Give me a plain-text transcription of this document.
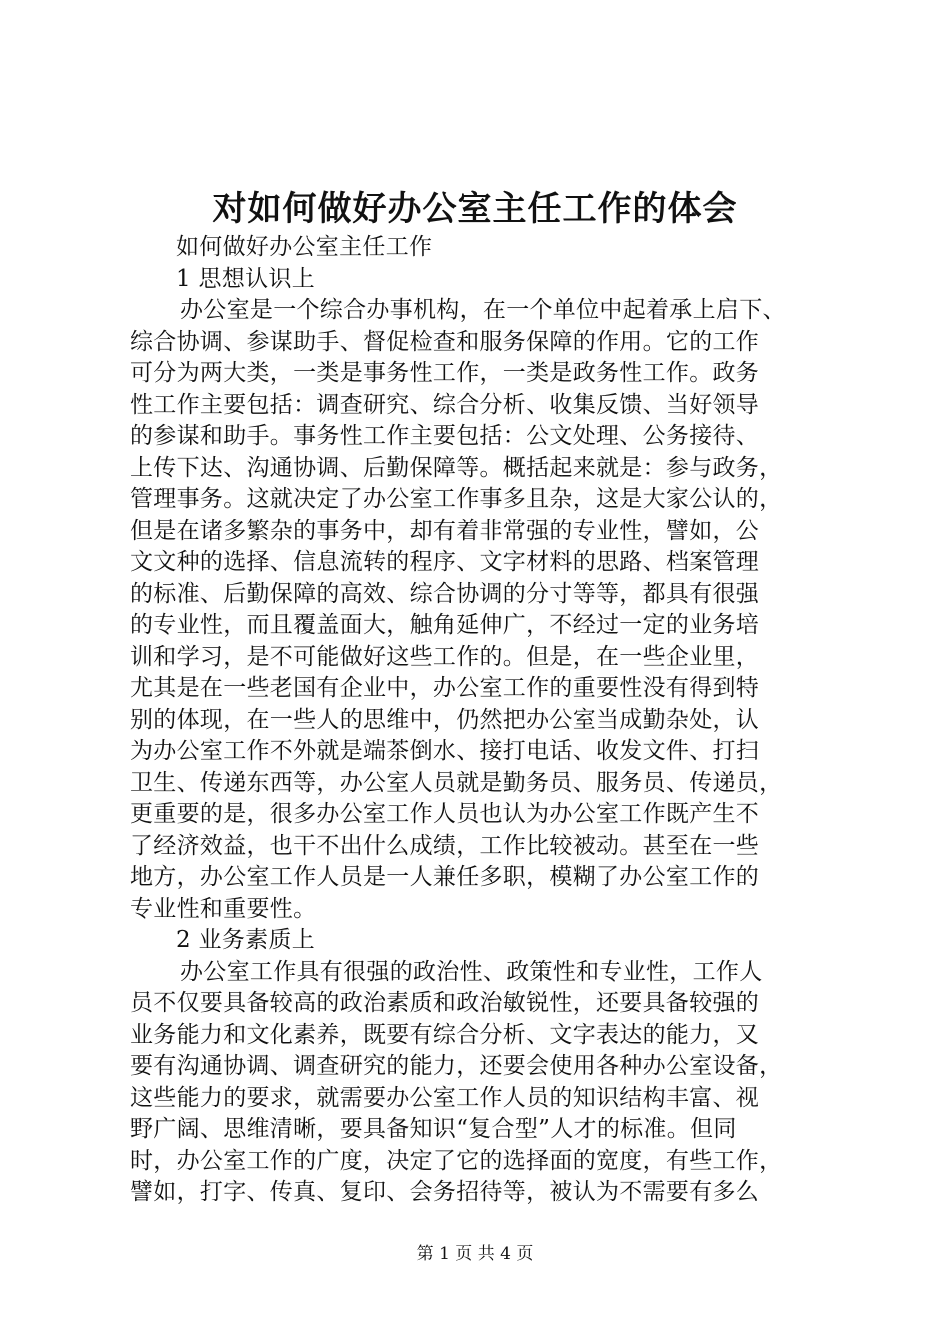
对如何做好办公室主任工作的体会
如何做好办公室主任工作
1 思想认识上
办公室是一个综合办事机构，在一个单位中起着承上启下、
综合协调、参谋助手、督促检查和服务保障的作用。它的工作
可分为两大类，一类是事务性工作，一类是政务性工作。政务
性工作主要包括：调查研究、综合分析、收集反馈、当好领导
的参谋和助手。事务性工作主要包括：公文处理、公务接待、
上传下达、沟通协调、后勤保障等。概括起来就是：参与政务，
管理事务。这就决定了办公室工作事多且杂，这是大家公认的，
但是在诸多繁杂的事务中，却有着非常强的专业性，譬如，公
文文种的选择、信息流转的程序、文字材料的思路、档案管理
的标准、后勤保障的高效、综合协调的分寸等等，都具有很强
的专业性，而且覆盖面大，触角延伸广，不经过一定的业务培
训和学习，是不可能做好这些工作的。但是，在一些企业里，
尤其是在一些老国有企业中，办公室工作的重要性没有得到特
别的体现，在一些人的思维中，仍然把办公室当成勤杂处，认
为办公室工作不外就是端茶倒水、接打电话、收发文件、打扫
卫生、传递东西等，办公室人员就是勤务员、服务员、传递员，
更重要的是，很多办公室工作人员也认为办公室工作既产生不
了经济效益，也干不出什么成绩，工作比较被动。甚至在一些
地方，办公室工作人员是一人兼任多职，模糊了办公室工作的
专业性和重要性。
2 业务素质上
办公室工作具有很强的政治性、政策性和专业性，工作人
员不仅要具备较高的政治素质和政治敏锐性，还要具备较强的
业务能力和文化素养，既要有综合分析、文字表达的能力，又
要有沟通协调、调查研究的能力，还要会使用各种办公室设备，
这些能力的要求，就需要办公室工作人员的知识结构丰富、视
野广阔、思维清晰，要具备知识“复合型”人才的标准。但同
时，办公室工作的广度，决定了它的选择面的宽度，有些工作，
譬如，打字、传真、复印、会务招待等，被认为不需要有多么
第 1 页 共 4 页
